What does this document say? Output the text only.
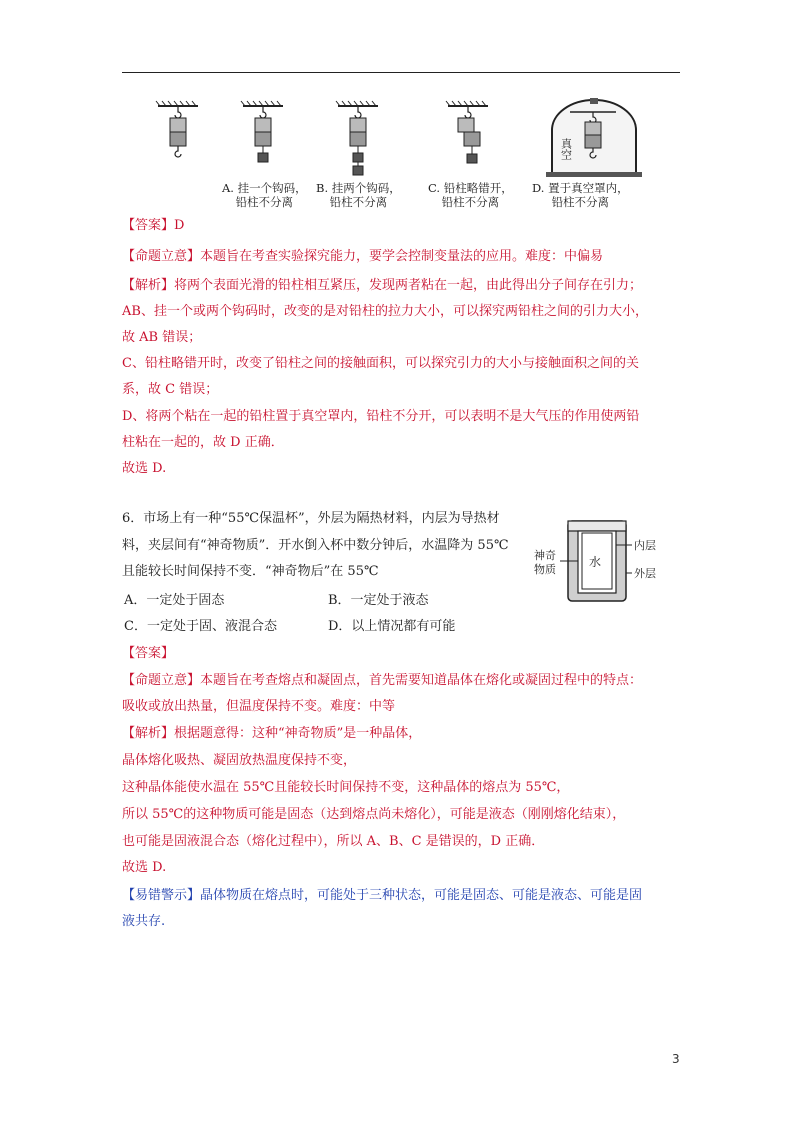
真空
A. 挂一个钩码，
铅柱不分离
B. 挂两个钩码，
铅柱不分离
C. 铅柱略错开，
铅柱不分离
D. 置于真空罩内，
铅柱不分离
【答案】D
【命题立意】本题旨在考查实验探究能力，要学会控制变量法的应用。难度：中偏易
【解析】将两个表面光滑的铅柱相互紧压，发现两者粘在一起，由此得出分子间存在引力；
AB、挂一个或两个钩码时，改变的是对铅柱的拉力大小，可以探究两铅柱之间的引力大小，
故 AB 错误；
C、铅柱略错开时，改变了铅柱之间的接触面积，可以探究引力的大小与接触面积之间的关
系，故 C 错误；
D、将两个粘在一起的铅柱置于真空罩内，铅柱不分开，可以表明不是大气压的作用使两铅
柱粘在一起的，故 D 正确．
故选 D.
6．市场上有一种“55℃保温杯”，外层为隔热材料，内层为导热材
料，夹层间有“神奇物质”．开水倒入杯中数分钟后，水温降为 55℃
且能较长时间保持不变．“神奇物后”在 55℃
水
内层
外层
神奇
物质
A．一定处于固态	B．一定处于液态
C．一定处于固、液混合态	D．以上情况都有可能
【答案】
【命题立意】本题旨在考查熔点和凝固点，首先需要知道晶体在熔化或凝固过程中的特点：
吸收或放出热量，但温度保持不变。难度：中等
【解析】根据题意得：这种“神奇物质”是一种晶体，
晶体熔化吸热、凝固放热温度保持不变，
这种晶体能使水温在 55℃且能较长时间保持不变，这种晶体的熔点为 55℃，
所以 55℃的这种物质可能是固态（达到熔点尚未熔化），可能是液态（刚刚熔化结束），
也可能是固液混合态（熔化过程中），所以 A、B、C 是错误的，D 正确．
故选 D.
【易错警示】晶体物质在熔点时，可能处于三种状态，可能是固态、可能是液态、可能是固
液共存.
3
